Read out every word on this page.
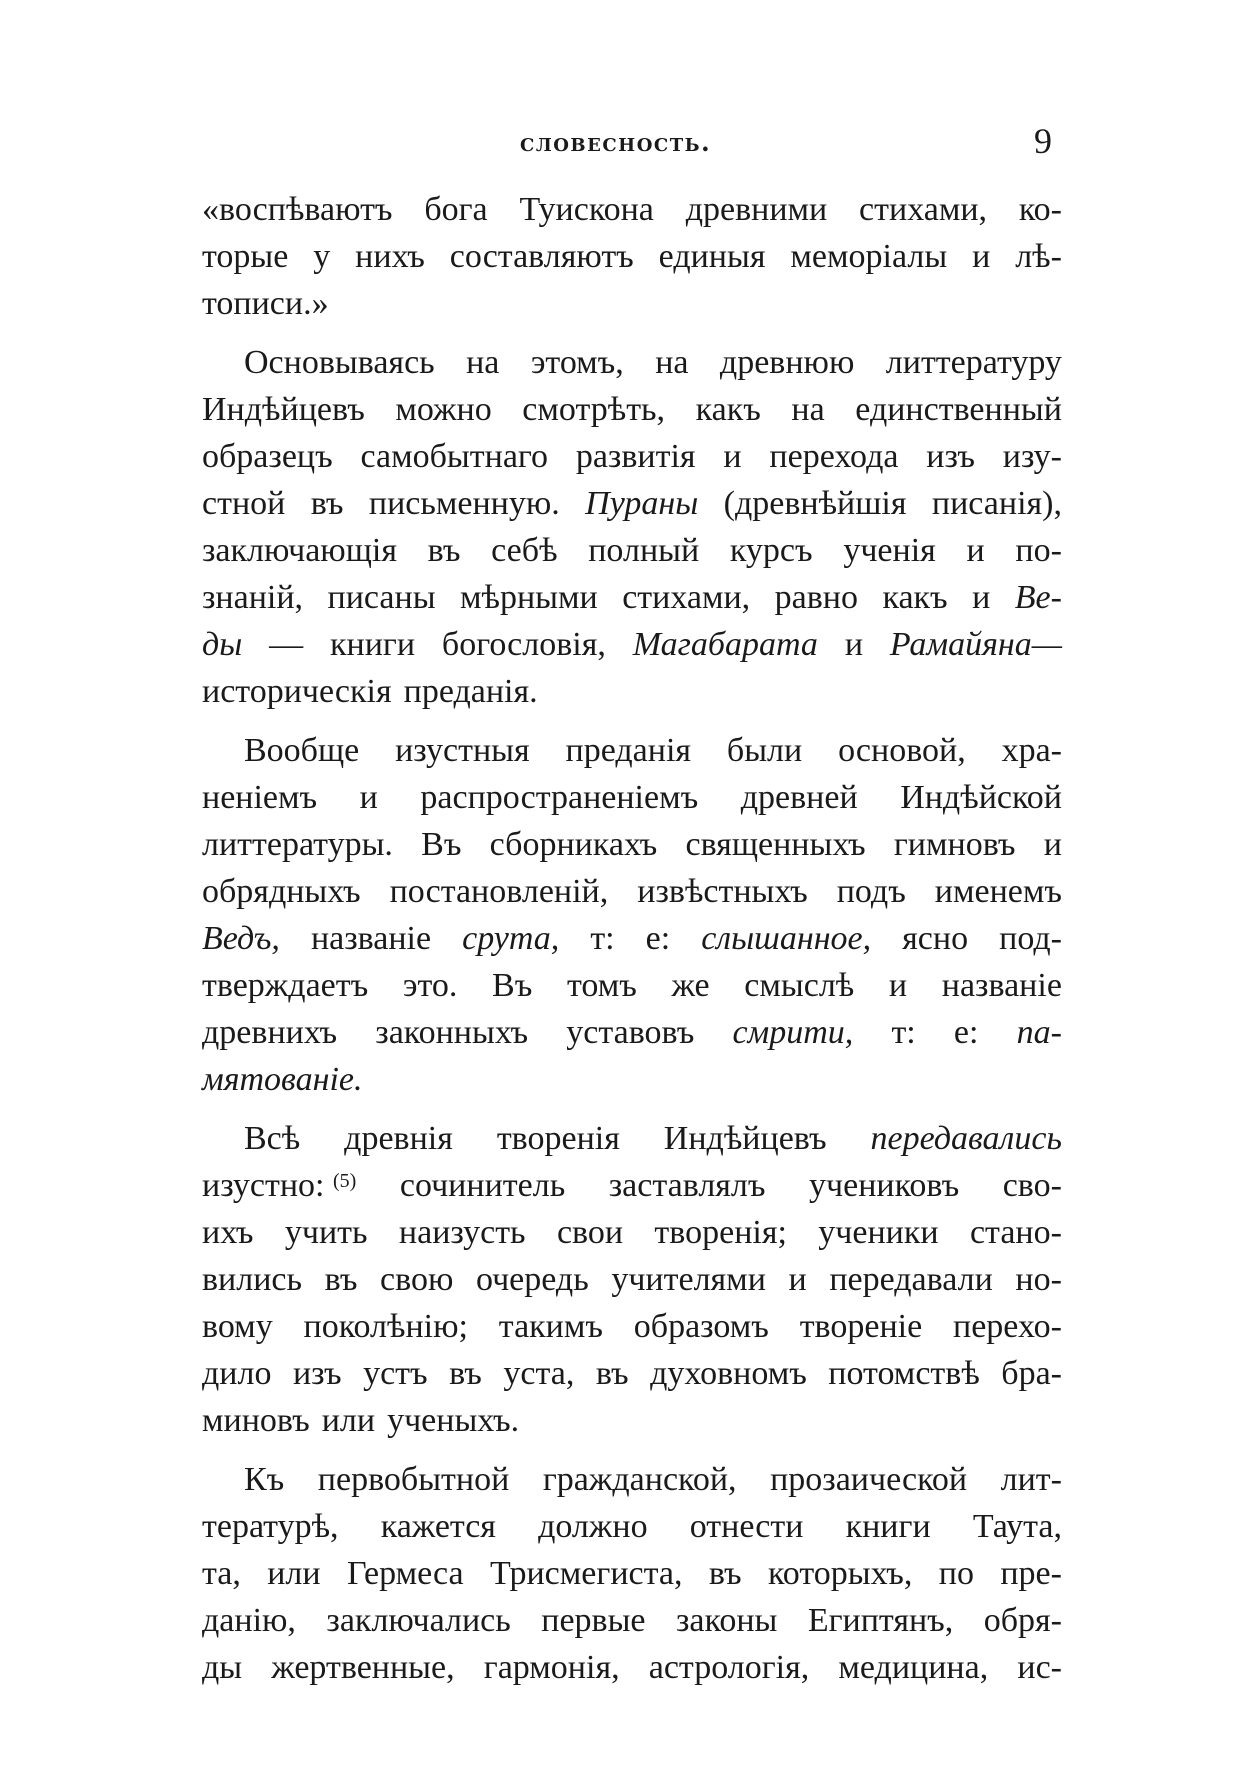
словесность.	9
«воспѣваютъ бога Туискона древними стихами, ко-
торые у нихъ составляютъ единыя меморіалы и лѣ-
тописи.»
Основываясь на этомъ, на древнюю литтературу
Индѣйцевъ можно смотрѣть, какъ на единственный
образецъ самобытнаго развитія и перехода изъ изу-
стной въ письменную. Пураны (древнѣйшія писанія),
заключающія въ себѣ полный курсъ ученія и по-
знаній, писаны мѣрными стихами, равно какъ и Ве-
ды — книги богословія, Магабарата и Рамайяна—
историческія преданія.
Вообще изустныя преданія были основой, хра-
неніемъ и распространеніемъ древней Индѣйской
литтературы. Въ сборникахъ священныхъ гимновъ и
обрядныхъ постановленій, извѣстныхъ подъ именемъ
Ведъ, названіе срута, т: е: слышанное, ясно под-
тверждаетъ это. Въ томъ же смыслѣ и названіе
древнихъ законныхъ уставовъ смрити, т: е: па-
мятованіе.
Всѣ древнія творенія Индѣйцевъ передавались
изустно: $^{(5)}$ сочинитель заставлялъ учениковъ сво-
ихъ учить наизусть свои творенія; ученики стано-
вились въ свою очередь учителями и передавали но-
вому поколѣнію; такимъ образомъ твореніе перехо-
дило изъ устъ въ уста, въ духовномъ потомствѣ бра-
миновъ или ученыхъ.
Къ первобытной гражданской, прозаической лит-
тературѣ, кажется должно отнести книги Таута,
та, или Гермеса Трисмегиста, въ которыхъ, по пре-
данію, заключались первые законы Египтянъ, обря-
ды жертвенные, гармонія, астрологія, медицина, ис-
